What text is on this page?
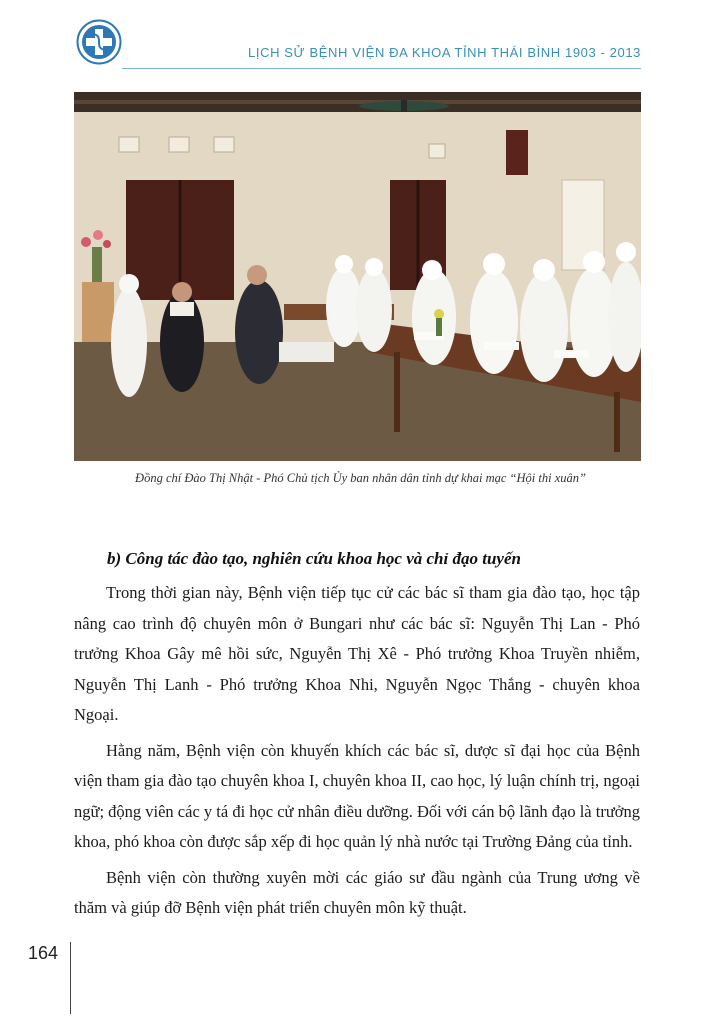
LỊCH SỬ BỆNH VIỆN ĐA KHOA TỈNH THÁI BÌNH 1903 - 2013
Đồng chí Đào Thị Nhật - Phó Chủ tịch Ủy ban nhân dân tỉnh dự khai mạc “Hội thi xuân”
b) Công tác đào tạo, nghiên cứu khoa học và chỉ đạo tuyến

Trong thời gian này, Bệnh viện tiếp tục cử các bác sĩ tham gia đào tạo, học tập nâng cao trình độ chuyên môn ở Bungari như các bác sĩ: Nguyễn Thị Lan - Phó trưởng Khoa Gây mê hồi sức, Nguyễn Thị Xê - Phó trưởng Khoa Truyền nhiễm, Nguyễn Thị Lanh - Phó trưởng Khoa Nhi, Nguyễn Ngọc Thắng - chuyên khoa Ngoại.

Hằng năm, Bệnh viện còn khuyến khích các bác sĩ, dược sĩ đại học của Bệnh viện tham gia đào tạo chuyên khoa I, chuyên khoa II, cao học, lý luận chính trị, ngoại ngữ; động viên các y tá đi học cử nhân điều dưỡng. Đối với cán bộ lãnh đạo là trưởng khoa, phó khoa còn được sắp xếp đi học quản lý nhà nước tại Trường Đảng của tỉnh.

Bệnh viện còn thường xuyên mời các giáo sư đầu ngành của Trung ương về thăm và giúp đỡ Bệnh viện phát triển chuyên môn kỹ thuật.

164
